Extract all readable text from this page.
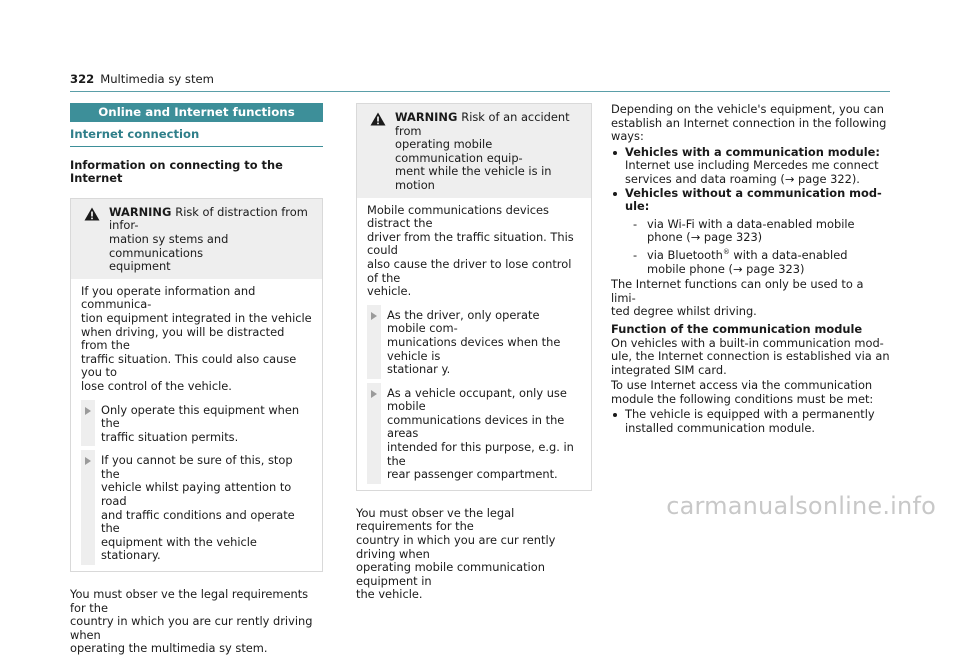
322 Multimedia sy stem
Online and Internet functions
Internet connection
Information on connecting to the Internet
WARNING Risk of distraction from infor-
mation sy stems and communications
equipment
If you operate information and communica-
tion equipment integrated in the vehicle
when driving, you will be distracted from the
traffic situation. This could also cause you to
lose control of the vehicle.
Only operate this equipment when the
traffic situation permits.
If you cannot be sure of this, stop the
vehicle whilst paying attention to road
and traffic conditions and operate the
equipment with the vehicle stationary.
You must obser ve the legal requirements for the
country in which you are cur rently driving when
operating the multimedia sy stem.
WARNING Risk of an accident from
operating mobile communication equip-
ment while the vehicle is in motion
Mobile communications devices distract the
driver from the traffic situation. This could
also cause the driver to lose control of the
vehicle.
As the driver, only operate mobile com-
munications devices when the vehicle is
stationar y.
As a vehicle occupant, only use mobile
communications devices in the areas
intended for this purpose, e.g. in the
rear passenger compartment.
You must obser ve the legal requirements for the
country in which you are cur rently driving when
operating mobile communication equipment in
the vehicle.
Depending on the vehicle's equipment, you can
establish an Internet connection in the following
ways:
Vehicles with a communication module:
Internet use including Mercedes me connect
services and data roaming (→ page 322).
Vehicles without a communication mod-
ule:
- via Wi-Fi with a data-enabled mobile
phone (→ page 323)
- via Bluetooth® with a data-enabled
mobile phone (→ page 323)
The Internet functions can only be used to a limi-
ted degree whilst driving.
Function of the communication module
On vehicles with a built-in communication mod-
ule, the Internet connection is established via an
integrated SIM card.
To use Internet access via the communication
module the following conditions must be met:
The vehicle is equipped with a permanently
installed communication module.
carmanualsonline.info
